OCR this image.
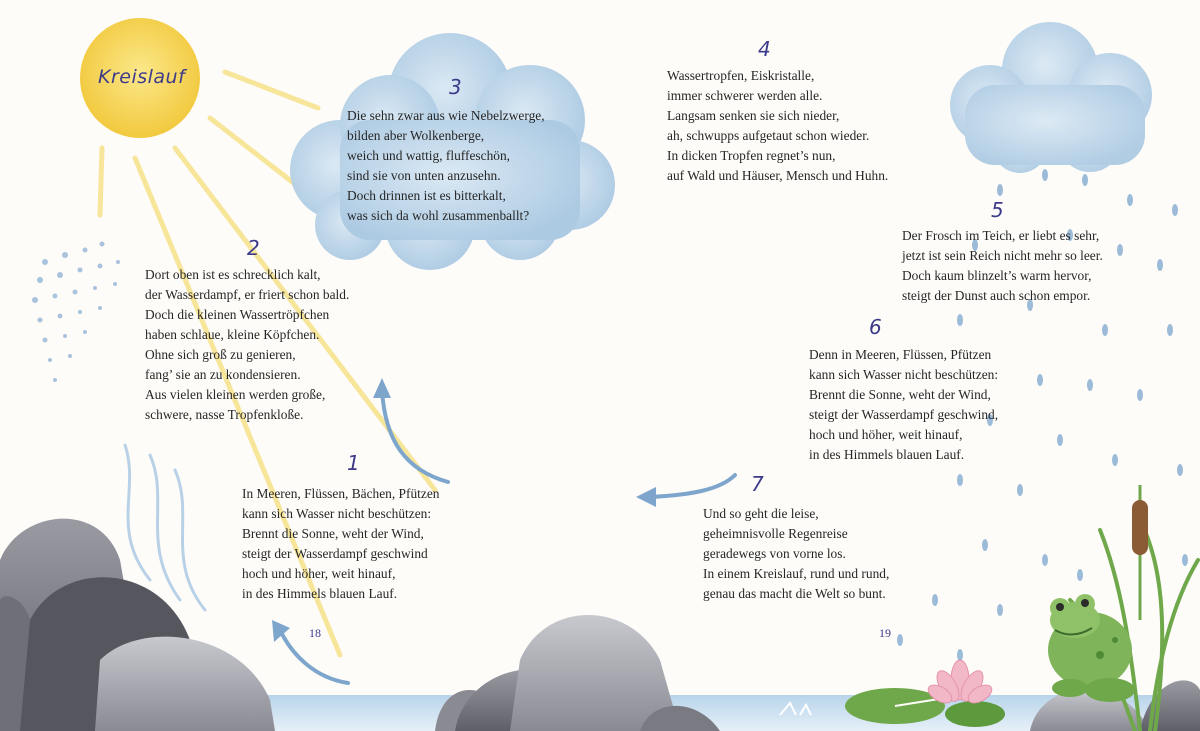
Kreislauf
1
In Meeren, Flüssen, Bächen, Pfützen
kann sich Wasser nicht beschützen:
Brennt die Sonne, weht der Wind,
steigt der Wasserdampf geschwind
hoch und höher, weit hinauf,
in des Himmels blauen Lauf.
2
Dort oben ist es schrecklich kalt,
der Wasserdampf, er friert schon bald.
Doch die kleinen Wassertröpfchen
haben schlaue, kleine Köpfchen.
Ohne sich groß zu genieren,
fang’ sie an zu kondensieren.
Aus vielen kleinen werden große,
schwere, nasse Tropfenkloße.
3
Die sehn zwar aus wie Nebelzwerge,
bilden aber Wolkenberge,
weich und wattig, fluffeschön,
sind sie von unten anzusehn.
Doch drinnen ist es bitterkalt,
was sich da wohl zusammenballt?
4
Wassertropfen, Eiskristalle,
immer schwerer werden alle.
Langsam senken sie sich nieder,
ah, schwupps aufgetaut schon wieder.
In dicken Tropfen regnet’s nun,
auf Wald und Häuser, Mensch und Huhn.
5
Der Frosch im Teich, er liebt es sehr,
jetzt ist sein Reich nicht mehr so leer.
Doch kaum blinzelt’s warm hervor,
steigt der Dunst auch schon empor.
6
Denn in Meeren, Flüssen, Pfützen
kann sich Wasser nicht beschützen:
Brennt die Sonne, weht der Wind,
steigt der Wasserdampf geschwind,
hoch und höher, weit hinauf,
in des Himmels blauen Lauf.
7
Und so geht die leise,
geheimnisvolle Regenreise
geradewegs von vorne los.
In einem Kreislauf, rund und rund,
genau das macht die Welt so bunt.
18	19
